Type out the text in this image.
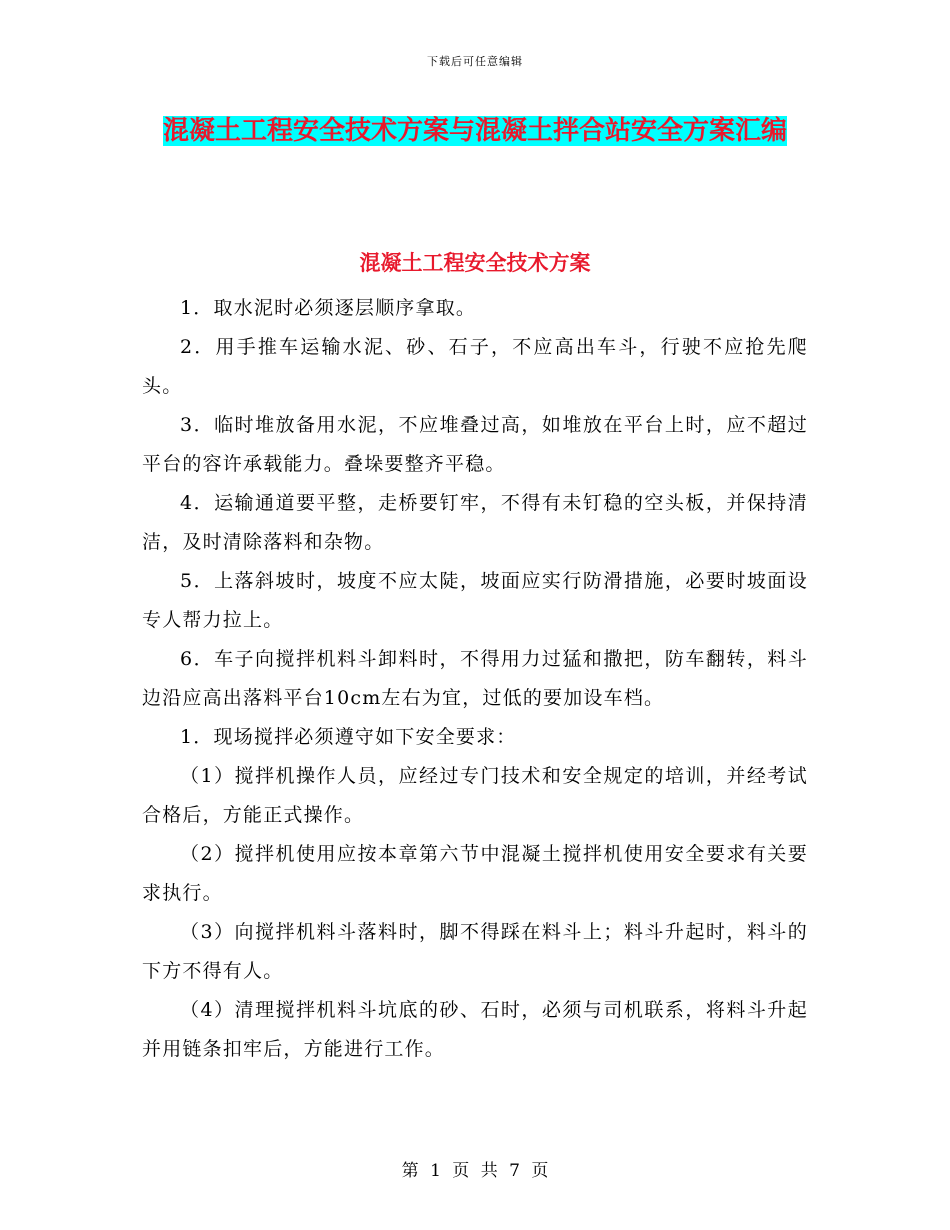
下载后可任意编辑
混凝土工程安全技术方案与混凝土拌合站安全方案汇编
混凝土工程安全技术方案

1．取水泥时必须逐层顺序拿取。

2．用手推车运输水泥、砂、石子，不应高出车斗，行驶不应抢先爬头。

3．临时堆放备用水泥，不应堆叠过高，如堆放在平台上时，应不超过平台的容许承载能力。叠垛要整齐平稳。

4．运输通道要平整，走桥要钉牢，不得有未钉稳的空头板，并保持清洁，及时清除落料和杂物。

5．上落斜坡时，坡度不应太陡，坡面应实行防滑措施，必要时坡面设专人帮力拉上。

6．车子向搅拌机料斗卸料时，不得用力过猛和撒把，防车翻转，料斗边沿应高出落料平台10cm左右为宜，过低的要加设车档。

1．现场搅拌必须遵守如下安全要求：

（1）搅拌机操作人员，应经过专门技术和安全规定的培训，并经考试合格后，方能正式操作。

（2）搅拌机使用应按本章第六节中混凝土搅拌机使用安全要求有关要求执行。

（3）向搅拌机料斗落料时，脚不得踩在料斗上；料斗升起时，料斗的下方不得有人。

（4）清理搅拌机料斗坑底的砂、石时，必须与司机联系，将料斗升起并用链条扣牢后，方能进行工作。

第 1 页 共 7 页
